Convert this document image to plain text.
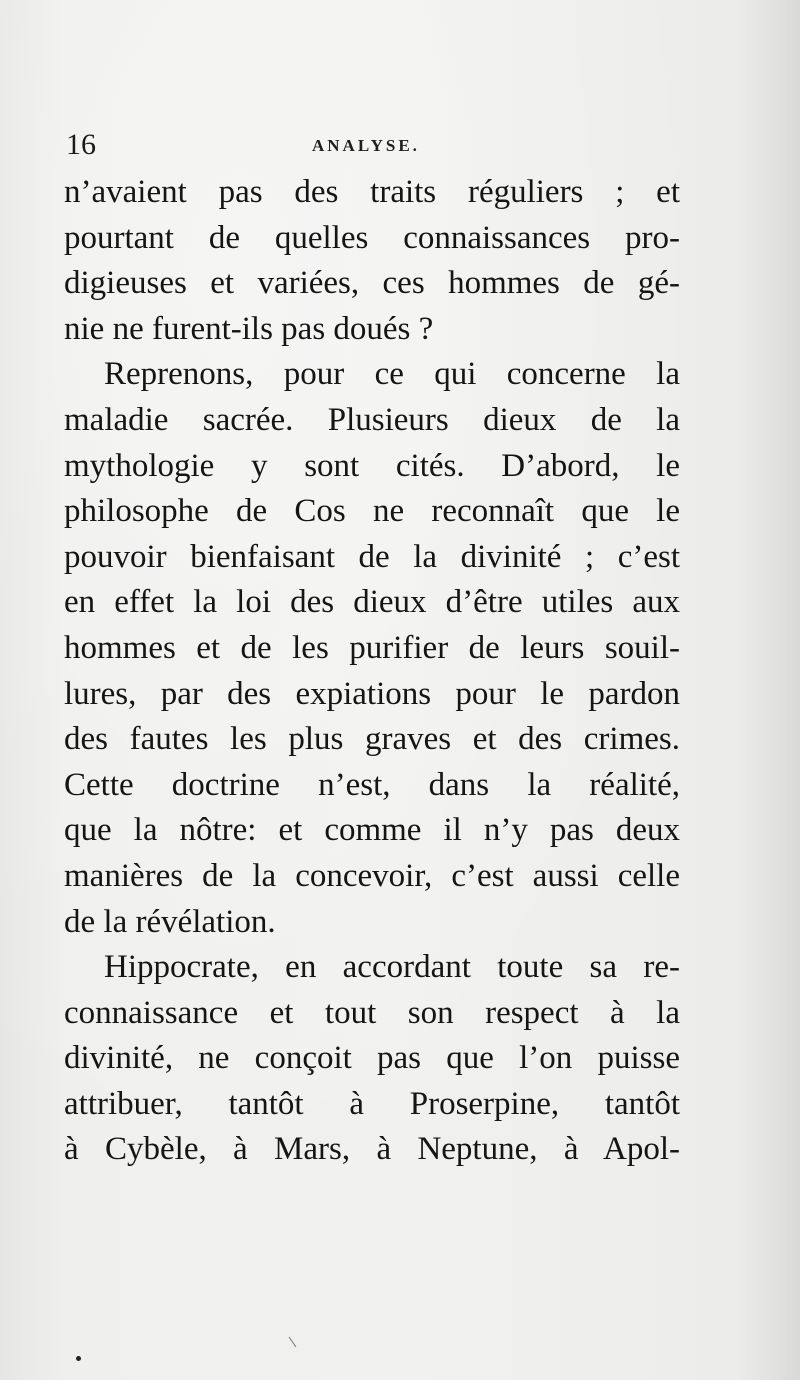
16	ANALYSE.
n’avaient pas des traits réguliers ; et
pourtant de quelles connaissances pro-
digieuses et variées, ces hommes de gé-
nie ne furent-ils pas doués ?
Reprenons, pour ce qui concerne la
maladie sacrée. Plusieurs dieux de la
mythologie y sont cités. D’abord, le
philosophe de Cos ne reconnaît que le
pouvoir bienfaisant de la divinité ; c’est
en effet la loi des dieux d’être utiles aux
hommes et de les purifier de leurs souil-
lures, par des expiations pour le pardon
des fautes les plus graves et des crimes.
Cette doctrine n’est, dans la réalité,
que la nôtre: et comme il n’y pas deux
manières de la concevoir, c’est aussi celle
de la révélation.
Hippocrate, en accordant toute sa re-
connaissance et tout son respect à la
divinité, ne conçoit pas que l’on puisse
attribuer, tantôt à Proserpine, tantôt
à Cybèle, à Mars, à Neptune, à Apol-
